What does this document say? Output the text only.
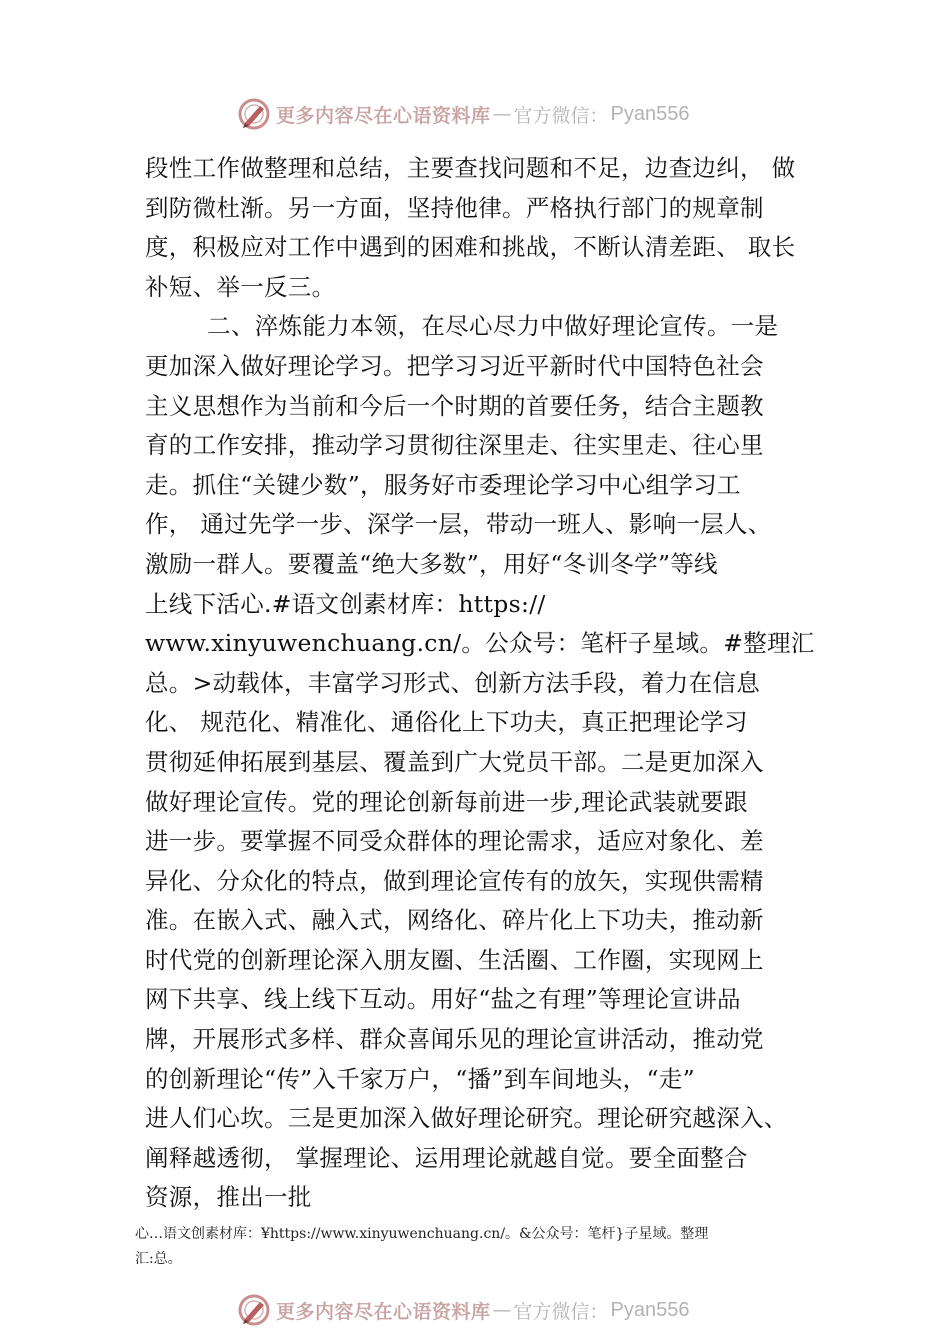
更多内容尽在心语资料库 — 官方微信： Pyan556
段性工作做整理和总结，主要查找问题和不足，边查边纠， 做
到防微杜渐。另一方面，坚持他律。严格执行部门的规章制
度，积极应对工作中遇到的困难和挑战，不断认清差距、 取长
补短、举一反三。
二、淬炼能力本领，在尽心尽力中做好理论宣传。一是
更加深入做好理论学习。把学习习近平新时代中国特色社会
主义思想作为当前和今后一个时期的首要任务，结合主题教
育的工作安排，推动学习贯彻往深里走、往实里走、往心里
走。抓住“关键少数”，服务好市委理论学习中心组学习工
作， 通过先学一步、深学一层，带动一班人、影响一层人、
激励一群人。要覆盖“绝大多数”，用好“冬训冬学”等线
上线下活心.#语文创素材库：https://
www.xinyuwenchuang.cn/。公众号：笔杆子星域。#整理汇
总。>动载体，丰富学习形式、创新方法手段，着力在信息
化、 规范化、精准化、通俗化上下功夫，真正把理论学习
贯彻延伸拓展到基层、覆盖到广大党员干部。二是更加深入
做好理论宣传。党的理论创新每前进一步,理论武装就要跟
进一步。要掌握不同受众群体的理论需求，适应对象化、差
异化、分众化的特点，做到理论宣传有的放矢，实现供需精
准。在嵌入式、融入式，网络化、碎片化上下功夫，推动新
时代党的创新理论深入朋友圈、生活圈、工作圈，实现网上
网下共享、线上线下互动。用好“盐之有理”等理论宣讲品
牌，开展形式多样、群众喜闻乐见的理论宣讲活动，推动党
的创新理论“传”入千家万户，“播”到车间地头，“走”
进人们心坎。三是更加深入做好理论研究。理论研究越深入、
阐释越透彻， 掌握理论、运用理论就越自觉。要全面整合
资源，推出一批
心…语文创素材库：¥https://www.xinyuwenchuang.cn/。&公众号：笔杆}子星域。整理
汇:总。
更多内容尽在心语资料库 — 官方微信： Pyan556
